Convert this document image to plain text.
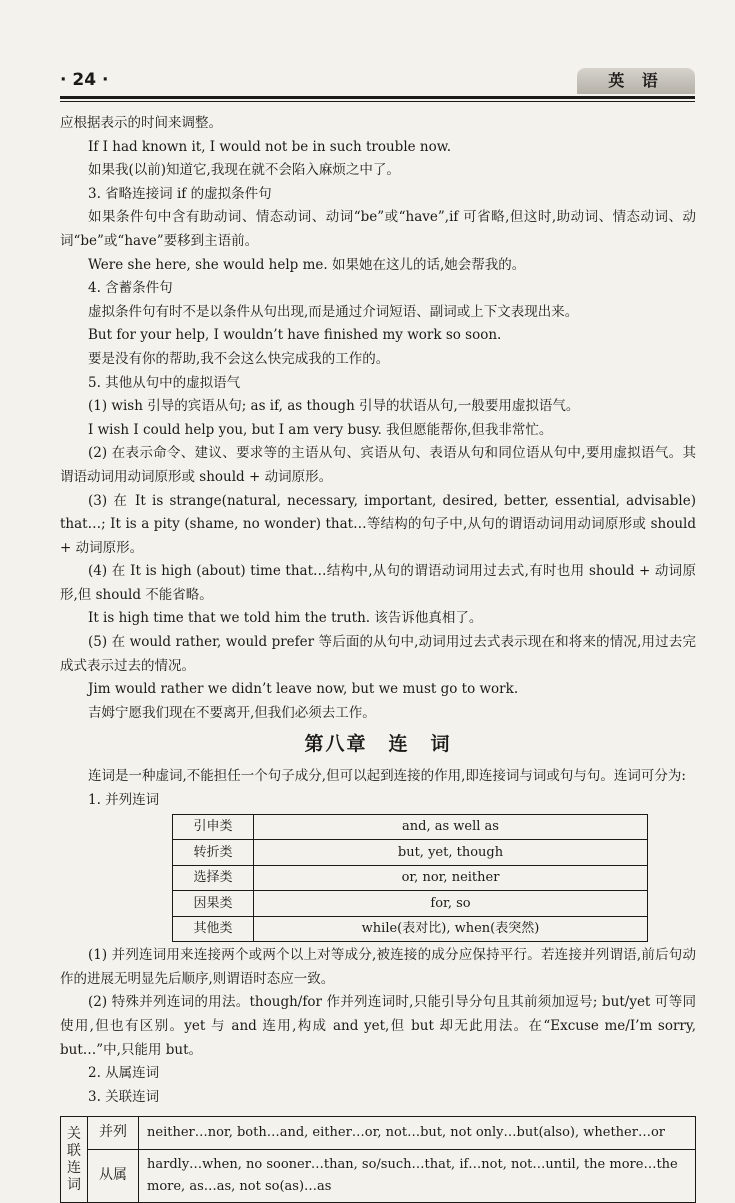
· 24 ·	英 语

应根据表示的时间来调整。

If I had known it, I would not be in such trouble now.

如果我(以前)知道它,我现在就不会陷入麻烦之中了。

3. 省略连接词 if 的虚拟条件句

如果条件句中含有助动词、情态动词、动词“be”或“have”,if 可省略,但这时,助动词、情态动词、动词“be”或“have”要移到主语前。

Were she here, she would help me. 如果她在这儿的话,她会帮我的。

4. 含蓄条件句

虚拟条件句有时不是以条件从句出现,而是通过介词短语、副词或上下文表现出来。

But for your help, I wouldn’t have finished my work so soon.

要是没有你的帮助,我不会这么快完成我的工作的。

5. 其他从句中的虚拟语气

(1) wish 引导的宾语从句; as if, as though 引导的状语从句,一般要用虚拟语气。

I wish I could help you, but I am very busy. 我但愿能帮你,但我非常忙。

(2) 在表示命令、建议、要求等的主语从句、宾语从句、表语从句和同位语从句中,要用虚拟语气。其谓语动词用动词原形或 should + 动词原形。

(3) 在 It is strange(natural, necessary, important, desired, better, essential, advisable) that…; It is a pity (shame, no wonder) that…等结构的句子中,从句的谓语动词用动词原形或 should + 动词原形。

(4) 在 It is high (about) time that…结构中,从句的谓语动词用过去式,有时也用 should + 动词原形,但 should 不能省略。

It is high time that we told him the truth. 该告诉他真相了。

(5) 在 would rather, would prefer 等后面的从句中,动词用过去式表示现在和将来的情况,用过去完成式表示过去的情况。

Jim would rather we didn’t leave now, but we must go to work.

吉姆宁愿我们现在不要离开,但我们必须去工作。

第八章　连　词

连词是一种虚词,不能担任一个句子成分,但可以起到连接的作用,即连接词与词或句与句。连词可分为:

1. 并列连词

引申类	and, as well as
转折类	but, yet, though
选择类	or, nor, neither
因果类	for, so
其他类	while(表对比), when(表突然)

(1) 并列连词用来连接两个或两个以上对等成分,被连接的成分应保持平行。若连接并列谓语,前后句动作的进展无明显先后顺序,则谓语时态应一致。

(2) 特殊并列连词的用法。though/for 作并列连词时,只能引导分句且其前须加逗号; but/yet 可等同使用,但也有区别。yet 与 and 连用,构成 and yet,但 but 却无此用法。在“Excuse me/I’m sorry, but…”中,只能用 but。

2. 从属连词

3. 关联连词

关联连词	并列	neither…nor, both…and, either…or, not…but, not only…but(also), whether…or
	从属	hardly…when, no sooner…than, so/such…that, if…not, not…until, the more…the more, as…as, not so(as)…as
